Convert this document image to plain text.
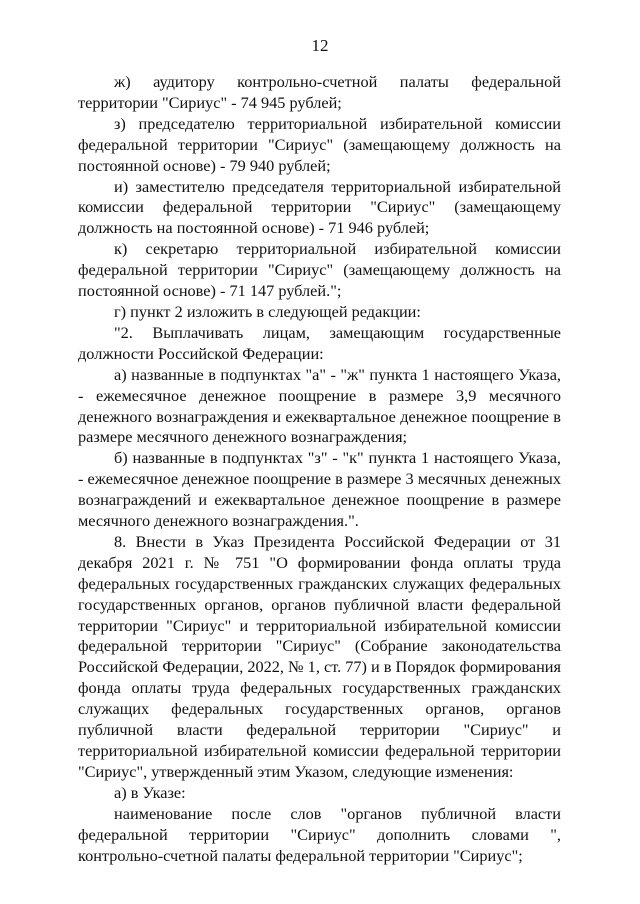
12

ж) аудитору контрольно-счетной палаты федеральной территории "Сириус" - 74 945 рублей;

з) председателю территориальной избирательной комиссии федеральной территории "Сириус" (замещающему должность на постоянной основе) - 79 940 рублей;

и) заместителю председателя территориальной избирательной комиссии федеральной территории "Сириус" (замещающему должность на постоянной основе) - 71 946 рублей;

к) секретарю территориальной избирательной комиссии федеральной территории "Сириус" (замещающему должность на постоянной основе) - 71 147 рублей.";

г) пункт 2 изложить в следующей редакции:

"2. Выплачивать лицам, замещающим государственные должности Российской Федерации:

а) названные в подпунктах "а" - "ж" пункта 1 настоящего Указа, - ежемесячное денежное поощрение в размере 3,9 месячного денежного вознаграждения и ежеквартальное денежное поощрение в размере месячного денежного вознаграждения;

б) названные в подпунктах "з" - "к" пункта 1 настоящего Указа, - ежемесячное денежное поощрение в размере 3 месячных денежных вознаграждений и ежеквартальное денежное поощрение в размере месячного денежного вознаграждения.".

8. Внести в Указ Президента Российской Федерации от 31 декабря 2021 г. № 751 "О формировании фонда оплаты труда федеральных государственных гражданских служащих федеральных государственных органов, органов публичной власти федеральной территории "Сириус" и территориальной избирательной комиссии федеральной территории "Сириус" (Собрание законодательства Российской Федерации, 2022, № 1, ст. 77) и в Порядок формирования фонда оплаты труда федеральных государственных гражданских служащих федеральных государственных органов, органов публичной власти федеральной территории "Сириус" и территориальной избирательной комиссии федеральной территории "Сириус", утвержденный этим Указом, следующие изменения:

а) в Указе:

наименование после слов "органов публичной власти федеральной территории "Сириус" дополнить словами ", контрольно-счетной палаты федеральной территории "Сириус";
